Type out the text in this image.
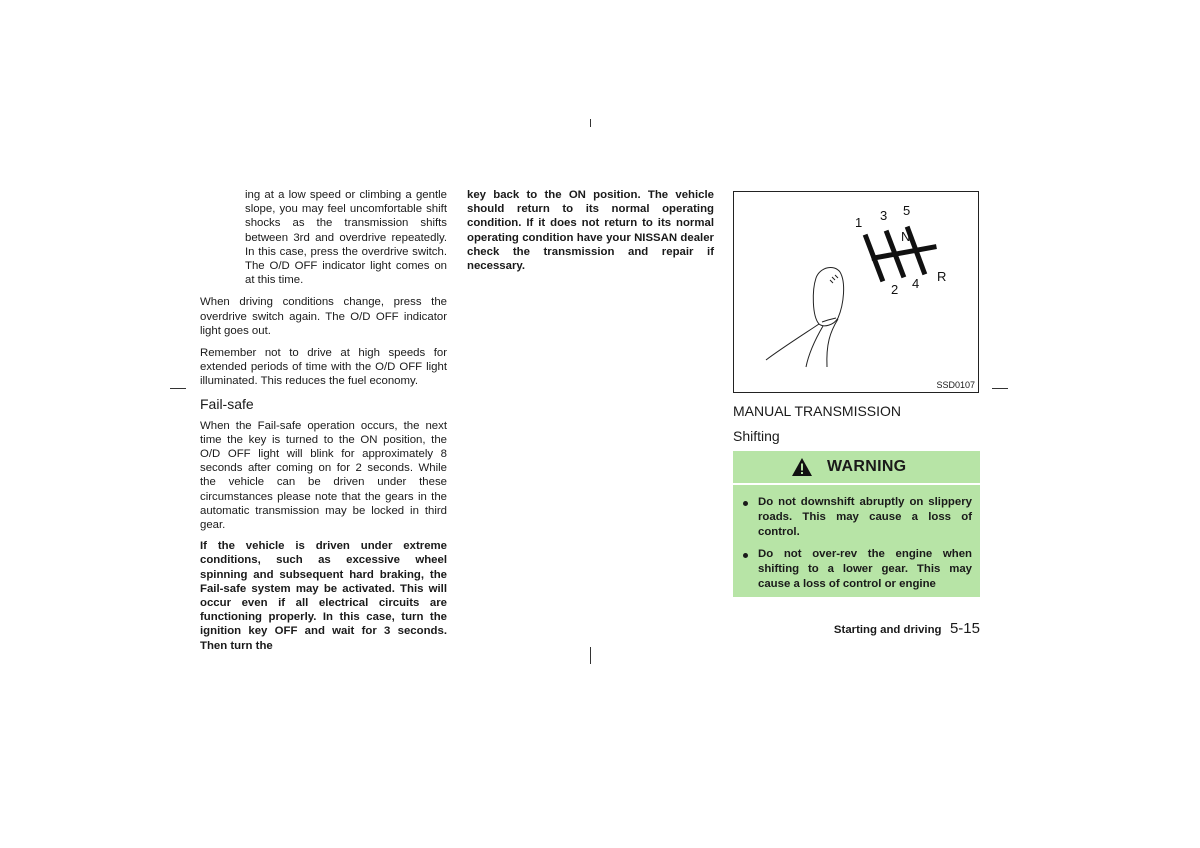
ing at a low speed or climbing a gentle slope, you may feel uncomfortable shift shocks as the transmission shifts between 3rd and overdrive repeatedly. In this case, press the overdrive switch. The O/D OFF indicator light comes on at this time.

When driving conditions change, press the overdrive switch again. The O/D OFF indicator light goes out.

Remember not to drive at high speeds for extended periods of time with the O/D OFF light illuminated. This reduces the fuel economy.

Fail-safe

When the Fail-safe operation occurs, the next time the key is turned to the ON position, the O/D OFF light will blink for approximately 8 seconds after coming on for 2 seconds. While the vehicle can be driven under these circumstances please note that the gears in the automatic transmission may be locked in third gear.

If the vehicle is driven under extreme conditions, such as excessive wheel spinning and subsequent hard braking, the Fail-safe system may be activated. This will occur even if all electrical circuits are functioning properly. In this case, turn the ignition key OFF and wait for 3 seconds. Then turn the

key back to the ON position. The vehicle should return to its normal operating condition. If it does not return to its normal operating condition have your NISSAN dealer check the transmission and repair if necessary.

1 3 5
N
2 4 R
SSD0107

MANUAL TRANSMISSION

Shifting

WARNING
Do not downshift abruptly on slippery roads. This may cause a loss of control.
Do not over-rev the engine when shifting to a lower gear. This may cause a loss of control or engine
Starting and driving 5-15
